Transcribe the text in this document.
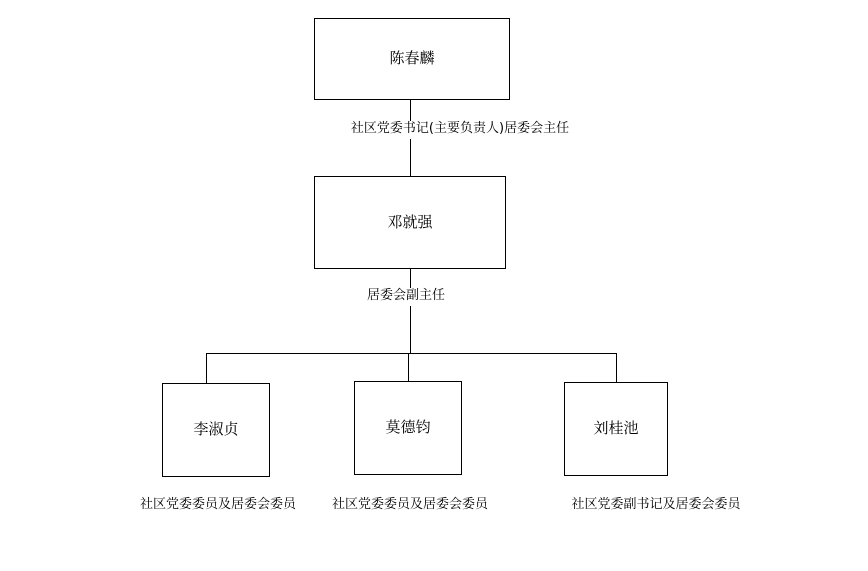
陈春麟
社区党委书记(主要负责人)居委会主任
邓就强
居委会副主任
李淑贞	莫德钧	刘桂池
社区党委委员及居委会委员	社区党委委员及居委会委员	社区党委副书记及居委会委员
